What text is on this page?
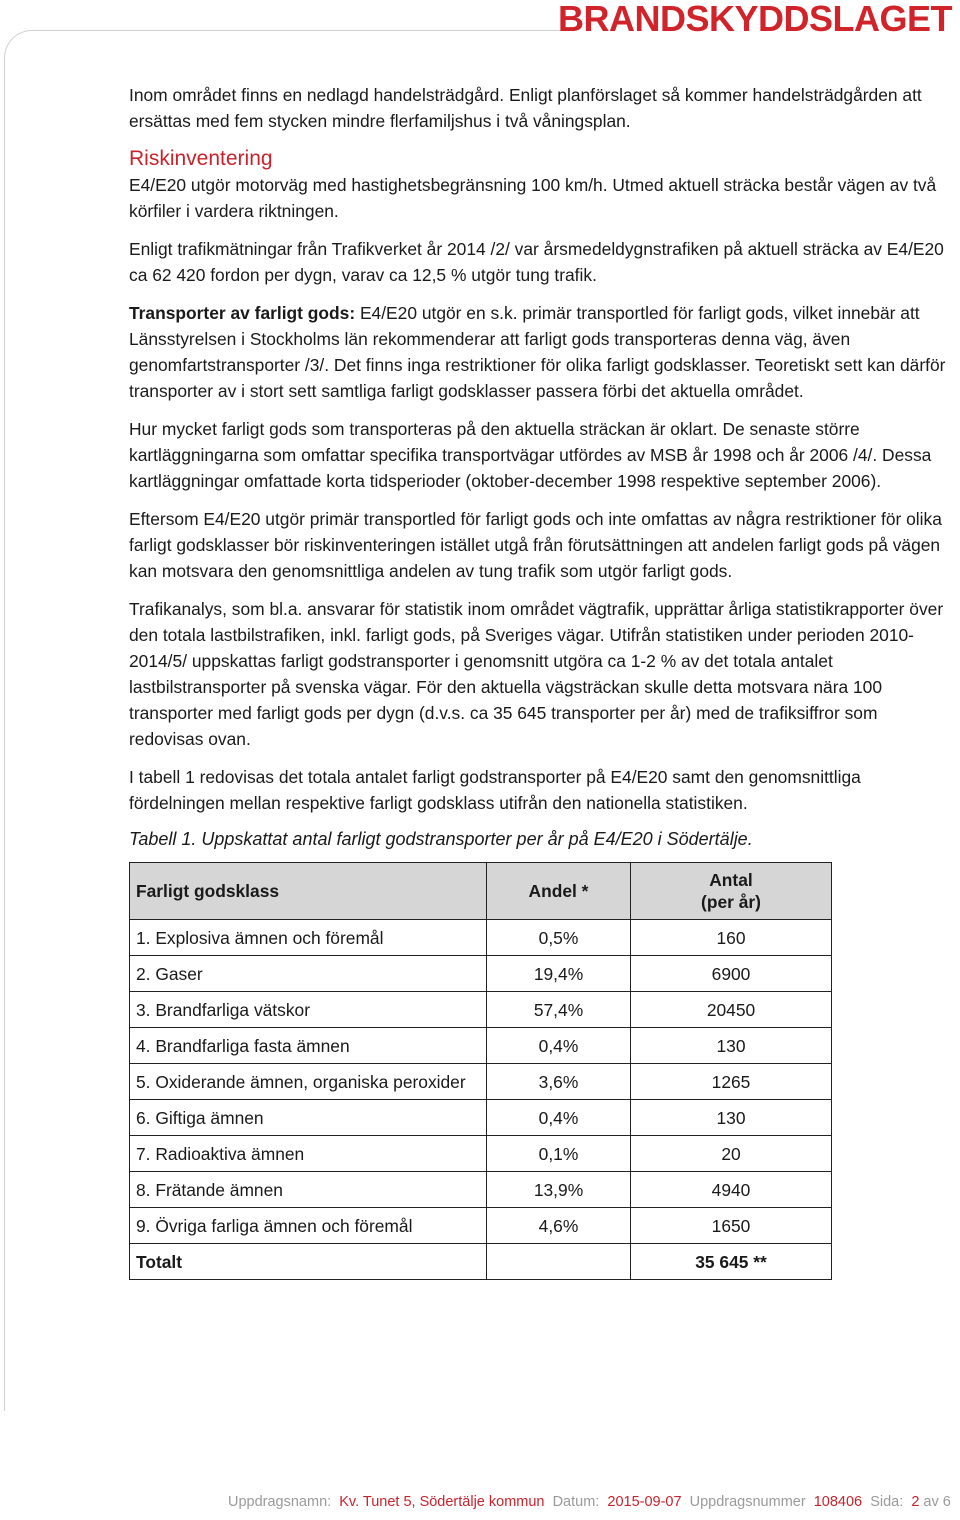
BRANDSKYDDSLAGET

Inom området finns en nedlagd handelsträdgård. Enligt planförslaget så kommer handelsträdgården att ersättas med fem stycken mindre flerfamiljshus i två våningsplan.

Riskinventering

E4/E20 utgör motorväg med hastighetsbegränsning 100 km/h. Utmed aktuell sträcka består vägen av två körfiler i vardera riktningen.

Enligt trafikmätningar från Trafikverket år 2014 /2/ var årsmedeldygnstrafiken på aktuell sträcka av E4/E20 ca 62 420 fordon per dygn, varav ca 12,5 % utgör tung trafik.

Transporter av farligt gods: E4/E20 utgör en s.k. primär transportled för farligt gods, vilket innebär att Länsstyrelsen i Stockholms län rekommenderar att farligt gods transporteras denna väg, även genomfartstransporter /3/. Det finns inga restriktioner för olika farligt godsklasser. Teoretiskt sett kan därför transporter av i stort sett samtliga farligt godsklasser passera förbi det aktuella området.

Hur mycket farligt gods som transporteras på den aktuella sträckan är oklart. De senaste större kartläggningarna som omfattar specifika transportvägar utfördes av MSB år 1998 och år 2006 /4/. Dessa kartläggningar omfattade korta tidsperioder (oktober-december 1998 respektive september 2006).

Eftersom E4/E20 utgör primär transportled för farligt gods och inte omfattas av några restriktioner för olika farligt godsklasser bör riskinventeringen istället utgå från förutsättningen att andelen farligt gods på vägen kan motsvara den genomsnittliga andelen av tung trafik som utgör farligt gods.

Trafikanalys, som bl.a. ansvarar för statistik inom området vägtrafik, upprättar årliga statistikrapporter över den totala lastbilstrafiken, inkl. farligt gods, på Sveriges vägar. Utifrån statistiken under perioden 2010-2014/5/ uppskattas farligt godstransporter i genomsnitt utgöra ca 1-2 % av det totala antalet lastbilstransporter på svenska vägar. För den aktuella vägsträckan skulle detta motsvara nära 100 transporter med farligt gods per dygn (d.v.s. ca 35 645 transporter per år) med de trafiksiffror som redovisas ovan.

I tabell 1 redovisas det totala antalet farligt godstransporter på E4/E20 samt den genomsnittliga fördelningen mellan respektive farligt godsklass utifrån den nationella statistiken.

Tabell 1. Uppskattat antal farligt godstransporter per år på E4/E20 i Södertälje.

Farligt godsklass	Andel *	Antal
(per år)
1. Explosiva ämnen och föremål	0,5%	160
2. Gaser	19,4%	6900
3. Brandfarliga vätskor	57,4%	20450
4. Brandfarliga fasta ämnen	0,4%	130
5. Oxiderande ämnen, organiska peroxider	3,6%	1265
6. Giftiga ämnen	0,4%	130
7. Radioaktiva ämnen	0,1%	20
8. Frätande ämnen	13,9%	4940
9. Övriga farliga ämnen och föremål	4,6%	1650
Totalt		35 645 **
Uppdragsnamn: Kv. Tunet 5, Södertälje kommun Datum: 2015-09-07 Uppdragsnummer 108406 Sida: 2 av 6
